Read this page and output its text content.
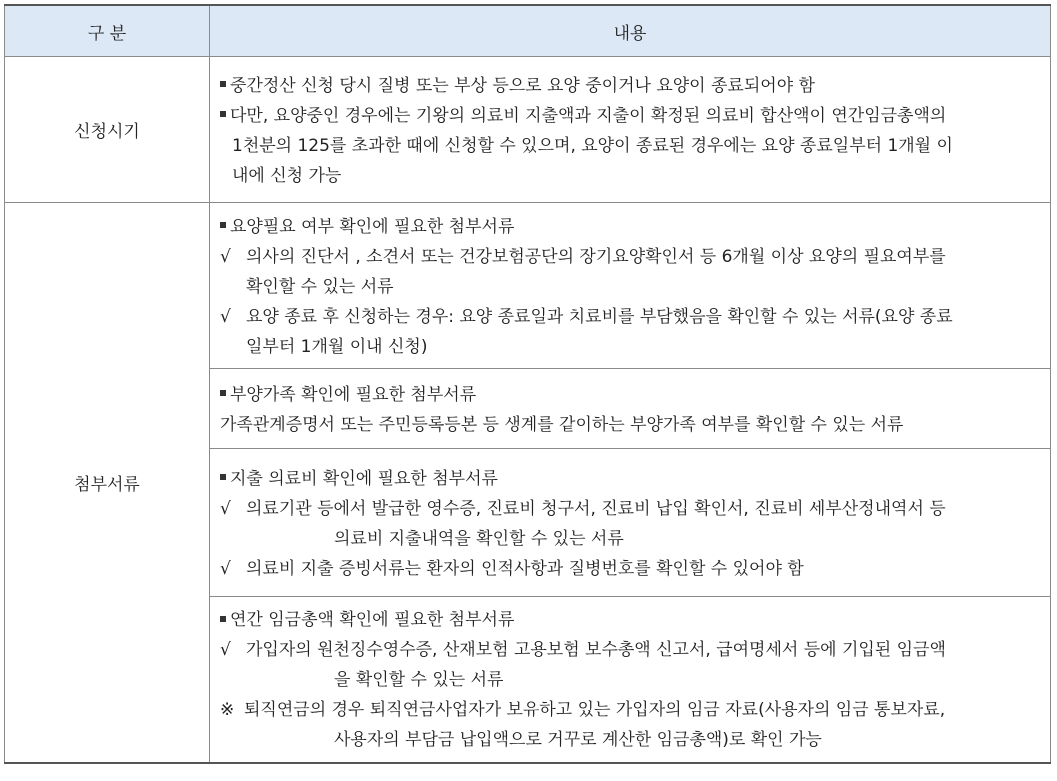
구 분	내용
신청시기	중간정산 신청 당시 질병 또는 부상 등으로 요양 중이거나 요양이 종료되어야 함
다만, 요양중인 경우에는 기왕의 의료비 지출액과 지출이 확정된 의료비 합산액이 연간임금총액의
1천분의 125를 초과한 때에 신청할 수 있으며, 요양이 종료된 경우에는 요양 종료일부터 1개월 이
내에 신청 가능

첨부서류	요양필요 여부 확인에 필요한 첨부서류
√ 의사의 진단서 , 소견서 또는 건강보험공단의 장기요양확인서 등 6개월 이상 요양의 필요여부를
확인할 수 있는 서류
√ 요양 종료 후 신청하는 경우: 요양 종료일과 치료비를 부담했음을 확인할 수 있는 서류(요양 종료
일부터 1개월 이내 신청)

	부양가족 확인에 필요한 첨부서류
가족관계증명서 또는 주민등록등본 등 생계를 같이하는 부양가족 여부를 확인할 수 있는 서류

	지출 의료비 확인에 필요한 첨부서류
√ 의료기관 등에서 발급한 영수증, 진료비 청구서, 진료비 납입 확인서, 진료비 세부산정내역서 등
의료비 지출내역을 확인할 수 있는 서류
√ 의료비 지출 증빙서류는 환자의 인적사항과 질병번호를 확인할 수 있어야 함

	연간 임금총액 확인에 필요한 첨부서류
√ 가입자의 원천징수영수증, 산재보험 고용보험 보수총액 신고서, 급여명세서 등에 기입된 임금액
을 확인할 수 있는 서류
※ 퇴직연금의 경우 퇴직연금사업자가 보유하고 있는 가입자의 임금 자료(사용자의 임금 통보자료,
사용자의 부담금 납입액으로 거꾸로 계산한 임금총액)로 확인 가능
